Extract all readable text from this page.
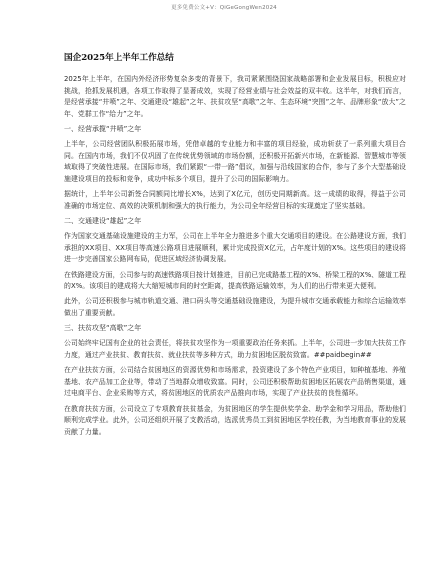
更多免费公文+V：QiGeGongWen2024
国企2025年上半年工作总结

2025年上半年，在国内外经济形势复杂多变的背景下，我司紧紧围绕国家战略部署和企业发展目标，积极应对挑战，抢抓发展机遇，各项工作取得了显著成效，实现了经营业绩与社会效益的双丰收。这半年，对我们而言，是经营承接“井喷”之年、交通建设“雄起”之年、扶贫攻坚“高歌”之年、生态环境“突围”之年、品牌形象“放大”之年、党群工作“给力”之年。

一、经营承揽“井喷”之年

上半年，公司经营团队积极拓展市场，凭借卓越的专业能力和丰富的项目经验，成功斩获了一系列重大项目合同。在国内市场，我们不仅巩固了在传统优势领域的市场份额，还积极开拓新兴市场，在新能源、智慧城市等领域取得了突破性进展。在国际市场，我们紧跟“一带一路”倡议，加强与沿线国家的合作，参与了多个大型基础设施建设项目的投标和竞争，成功中标多个项目，提升了公司的国际影响力。

据统计，上半年公司新签合同额同比增长X%，达到了X亿元，创历史同期新高。这一成绩的取得，得益于公司准确的市场定位、高效的决策机制和强大的执行能力，为公司全年经营目标的实现奠定了坚实基础。

二、交通建设“雄起”之年

作为国家交通基础设施建设的主力军，公司在上半年全力推进多个重大交通项目的建设。在公路建设方面，我们承担的XX项目、XX项目等高速公路项目进展顺利，累计完成投资X亿元，占年度计划的X%。这些项目的建设将进一步完善国家公路网布局，促进区域经济协调发展。

在铁路建设方面，公司参与的高速铁路项目按计划推进，目前已完成路基工程的X%、桥梁工程的X%、隧道工程的X%。该项目的建成将大大缩短城市间的时空距离，提高铁路运输效率，为人们的出行带来更大便利。

此外，公司还积极参与城市轨道交通、港口码头等交通基础设施建设，为提升城市交通承载能力和综合运输效率做出了重要贡献。

三、扶贫攻坚“高歌”之年

公司始终牢记国有企业的社会责任，将扶贫攻坚作为一项重要政治任务来抓。上半年，公司进一步加大扶贫工作力度，通过产业扶贫、教育扶贫、就业扶贫等多种方式，助力贫困地区脱贫致富。##paidbegin##

在产业扶贫方面，公司结合贫困地区的资源优势和市场需求，投资建设了多个特色产业项目，如种植基地、养殖基地、农产品加工企业等，带动了当地群众增收致富。同时，公司还积极帮助贫困地区拓展农产品销售渠道，通过电商平台、企业采购等方式，将贫困地区的优质农产品推向市场，实现了产业扶贫的良性循环。

在教育扶贫方面，公司设立了专项教育扶贫基金，为贫困地区的学生提供奖学金、助学金和学习用品，帮助他们顺利完成学业。此外，公司还组织开展了支教活动，选派优秀员工到贫困地区学校任教，为当地教育事业的发展贡献了力量。
